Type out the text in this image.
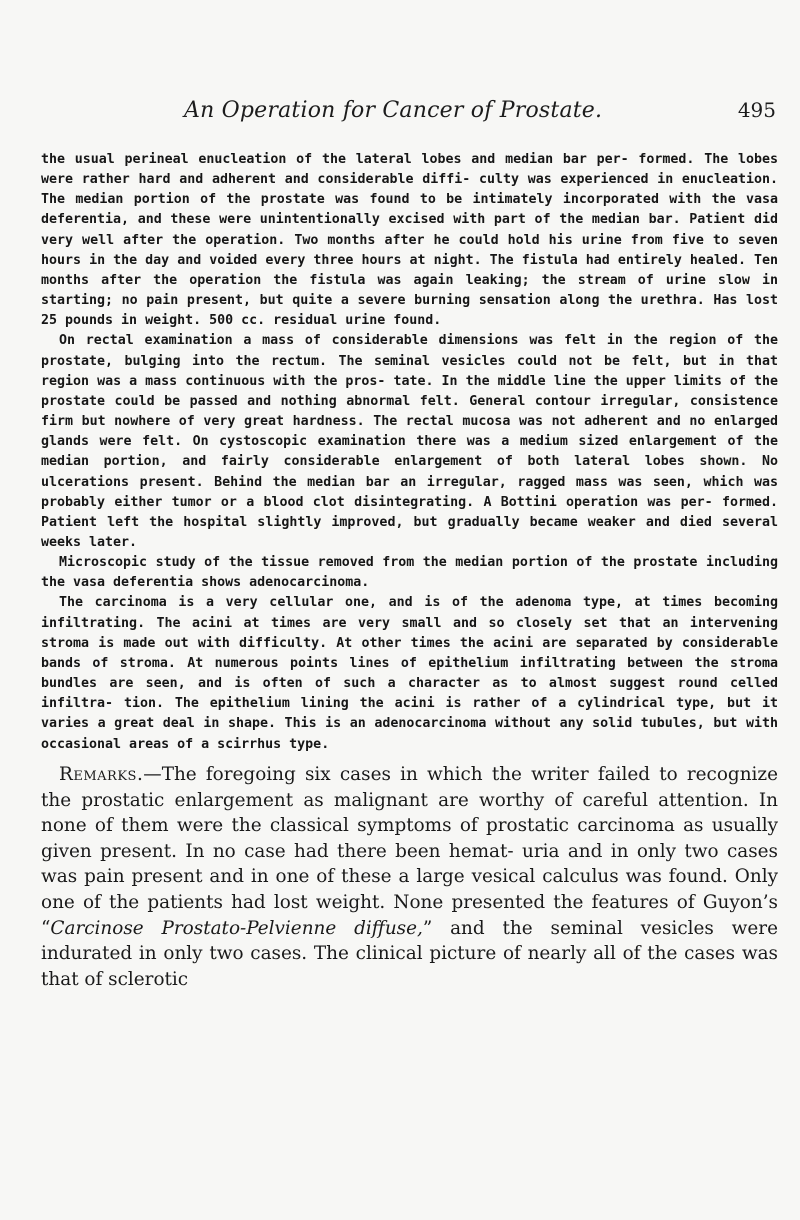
An Operation for Cancer of Prostate.	495

the usual perineal enucleation of the lateral lobes and median bar per- formed. The lobes were rather hard and adherent and considerable diffi- culty was experienced in enucleation. The median portion of the prostate was found to be intimately incorporated with the vasa deferentia, and these were unintentionally excised with part of the median bar. Patient did very well after the operation. Two months after he could hold his urine from five to seven hours in the day and voided every three hours at night. The fistula had entirely healed. Ten months after the operation the fistula was again leaking; the stream of urine slow in starting; no pain present, but quite a severe burning sensation along the urethra. Has lost 25 pounds in weight. 500 cc. residual urine found.

On rectal examination a mass of considerable dimensions was felt in the region of the prostate, bulging into the rectum. The seminal vesicles could not be felt, but in that region was a mass continuous with the pros- tate. In the middle line the upper limits of the prostate could be passed and nothing abnormal felt. General contour irregular, consistence firm but nowhere of very great hardness. The rectal mucosa was not adherent and no enlarged glands were felt. On cystoscopic examination there was a medium sized enlargement of the median portion, and fairly considerable enlargement of both lateral lobes shown. No ulcerations present. Behind the median bar an irregular, ragged mass was seen, which was probably either tumor or a blood clot disintegrating. A Bottini operation was per- formed. Patient left the hospital slightly improved, but gradually became weaker and died several weeks later.

Microscopic study of the tissue removed from the median portion of the prostate including the vasa deferentia shows adenocarcinoma.

The carcinoma is a very cellular one, and is of the adenoma type, at times becoming infiltrating. The acini at times are very small and so closely set that an intervening stroma is made out with difficulty. At other times the acini are separated by considerable bands of stroma. At numerous points lines of epithelium infiltrating between the stroma bundles are seen, and is often of such a character as to almost suggest round celled infiltra- tion. The epithelium lining the acini is rather of a cylindrical type, but it varies a great deal in shape. This is an adenocarcinoma without any solid tubules, but with occasional areas of a scirrhus type.

Remarks.—The foregoing six cases in which the writer failed to recognize the prostatic enlargement as malignant are worthy of careful attention. In none of them were the classical symptoms of prostatic carcinoma as usually given present. In no case had there been hemat- uria and in only two cases was pain present and in one of these a large vesical calculus was found. Only one of the patients had lost weight. None presented the features of Guyon’s “Carcinose Prostato-Pelvienne diffuse,” and the seminal vesicles were indurated in only two cases. The clinical picture of nearly all of the cases was that of sclerotic
